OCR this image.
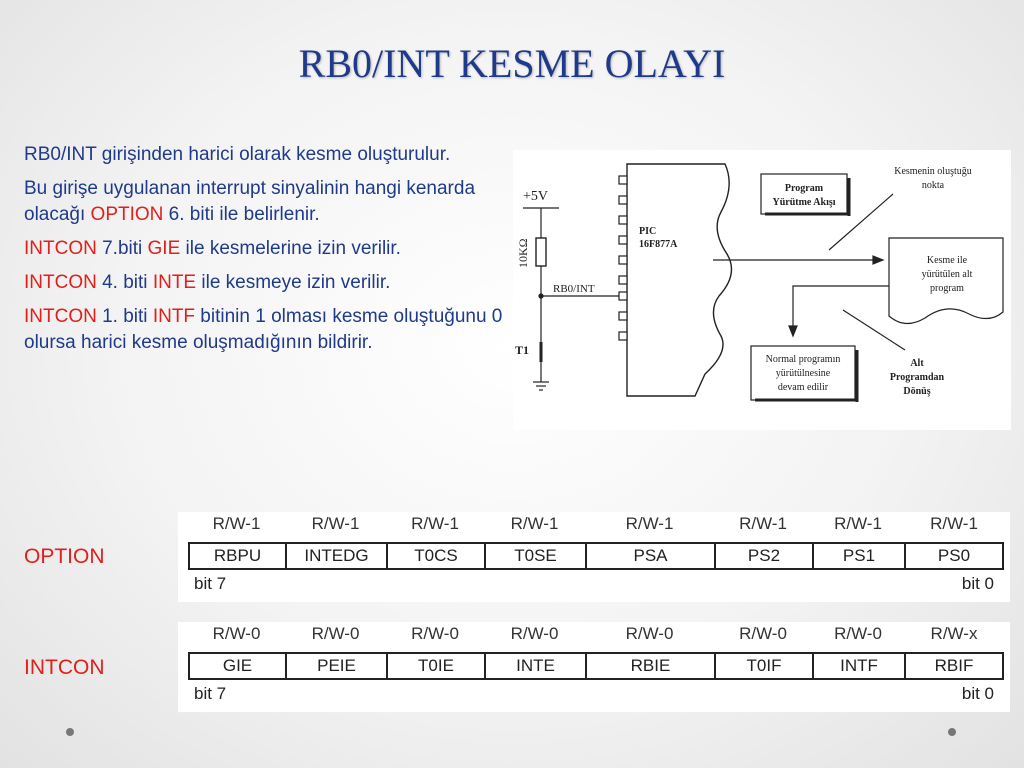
RB0/INT KESME OLAYI

RB0/INT girişinden harici olarak kesme oluşturulur.

Bu girişe uygulanan interrupt sinyalinin hangi kenarda olacağı OPTION 6. biti ile belirlenir.

INTCON 7.biti GIE ile kesmelerine izin verilir.

INTCON 4. biti INTE ile kesmeye izin verilir.

INTCON 1. biti INTF bitinin 1 olması kesme oluştuğunu 0 olursa harici kesme oluşmadığının bildirir.

+5V
10KΩ
RB0/INT
T1
PIC
16F877A
Program
Yürütme Akışı
Kesmenin oluştuğu
nokta
Kesme ile
yürütülen alt
program
Normal programın
yürütülnesine
devam edilir
Alt
Programdan
Dönüş
OPTION
R/W-1	R/W-1	R/W-1	R/W-1	R/W-1	R/W-1	R/W-1	R/W-1
RBPU	INTEDG	T0CS	T0SE	PSA	PS2	PS1	PS0
bit 7	bit 0
INTCON
R/W-0	R/W-0	R/W-0	R/W-0	R/W-0	R/W-0	R/W-0	R/W-x
GIE	PEIE	T0IE	INTE	RBIE	T0IF	INTF	RBIF
bit 7	bit 0
